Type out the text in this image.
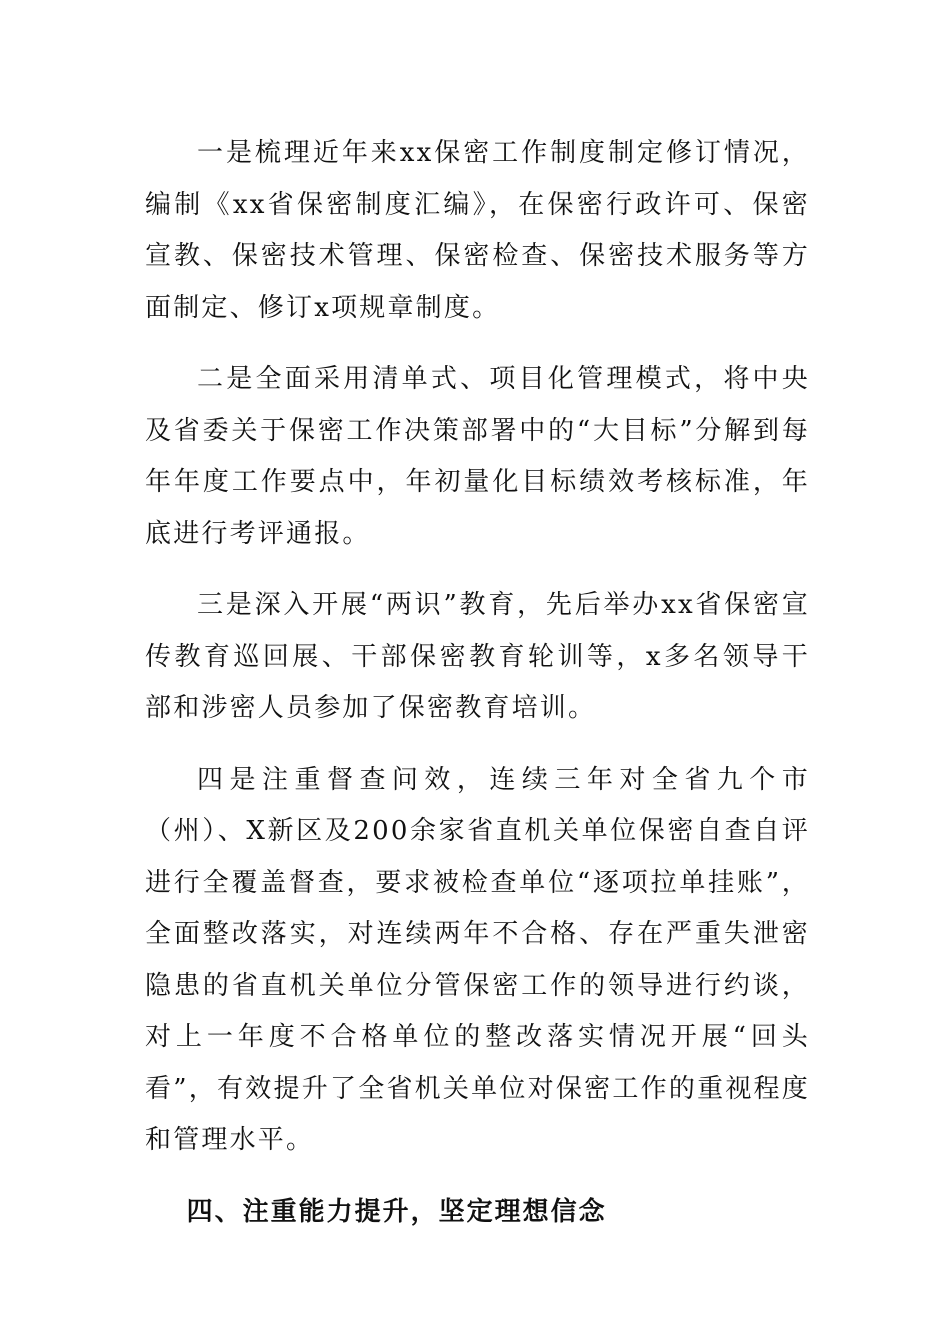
一是梳理近年来xx保密工作制度制定修订情况，编制《xx省保密制度汇编》，在保密行政许可、保密宣教、保密技术管理、保密检查、保密技术服务等方面制定、修订x项规章制度。

二是全面采用清单式、项目化管理模式，将中央及省委关于保密工作决策部署中的“大目标”分解到每年年度工作要点中，年初量化目标绩效考核标准，年底进行考评通报。

三是深入开展“两识”教育，先后举办xx省保密宣传教育巡回展、干部保密教育轮训等，x多名领导干部和涉密人员参加了保密教育培训。

四是注重督查问效，连续三年对全省九个市（州）、X新区及200余家省直机关单位保密自查自评进行全覆盖督查，要求被检查单位“逐项拉单挂账”，全面整改落实，对连续两年不合格、存在严重失泄密隐患的省直机关单位分管保密工作的领导进行约谈，对上一年度不合格单位的整改落实情况开展“回头看”，有效提升了全省机关单位对保密工作的重视程度和管理水平。

四、注重能力提升，坚定理想信念
